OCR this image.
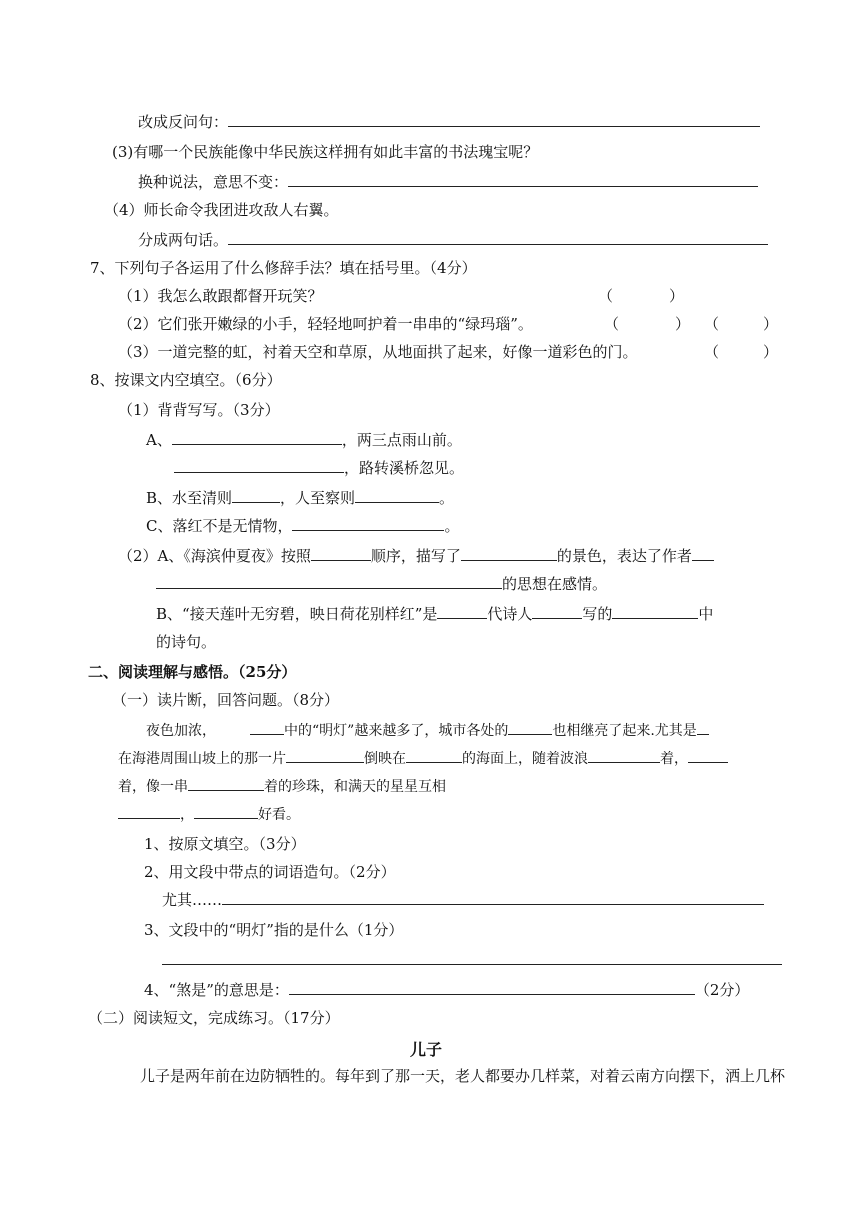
改成反问句：
(3)有哪一个民族能像中华民族这样拥有如此丰富的书法瑰宝呢？
换种说法，意思不变：
（4）师长命令我团进攻敌人右翼。
分成两句话。
7、下列句子各运用了什么修辞手法？填在括号里。（4分）
（1）我怎么敢跟都督开玩笑？	（	）
（2）它们张开嫩绿的小手，轻轻地呵护着一串串的“绿玛瑙”。	（	） （	）
（3）一道完整的虹，衬着天空和草原，从地面拱了起来，好像一道彩色的门。	（	）
8、按课文内空填空。（6分）
（1）背背写写。（3分）
A、	，两三点雨山前。
，路转溪桥忽见。
B、水至清则	，人至察则	。
C、落红不是无情物，	。
（2）A、《海滨仲夏夜》按照	顺序，描写了	的景色，表达了作者
的思想在感情。
B、“接天莲叶无穷碧，映日荷花别样红”是	代诗人	写的	中
的诗句。
二、阅读理解与感悟。（25分）
（一）读片断，回答问题。（8分）
夜色加浓，	中的“明灯”越来越多了，城市各处的	也相继亮了起来.尤其是
在海港周围山坡上的那一片	倒映在	的海面上，随着波浪	着，
着，像一串	着的珍珠，和满天的星星互相
，	好看。
1、按原文填空。（3分）
2、用文段中带点的词语造句。（2分）
尤其……
3、文段中的“明灯”指的是什么（1分）
4、“煞是”的意思是：	（2分）
（二）阅读短文，完成练习。（17分）
儿子
儿子是两年前在边防牺牲的。每年到了那一天，老人都要办几样菜，对着云南方向摆下，洒上几杯
